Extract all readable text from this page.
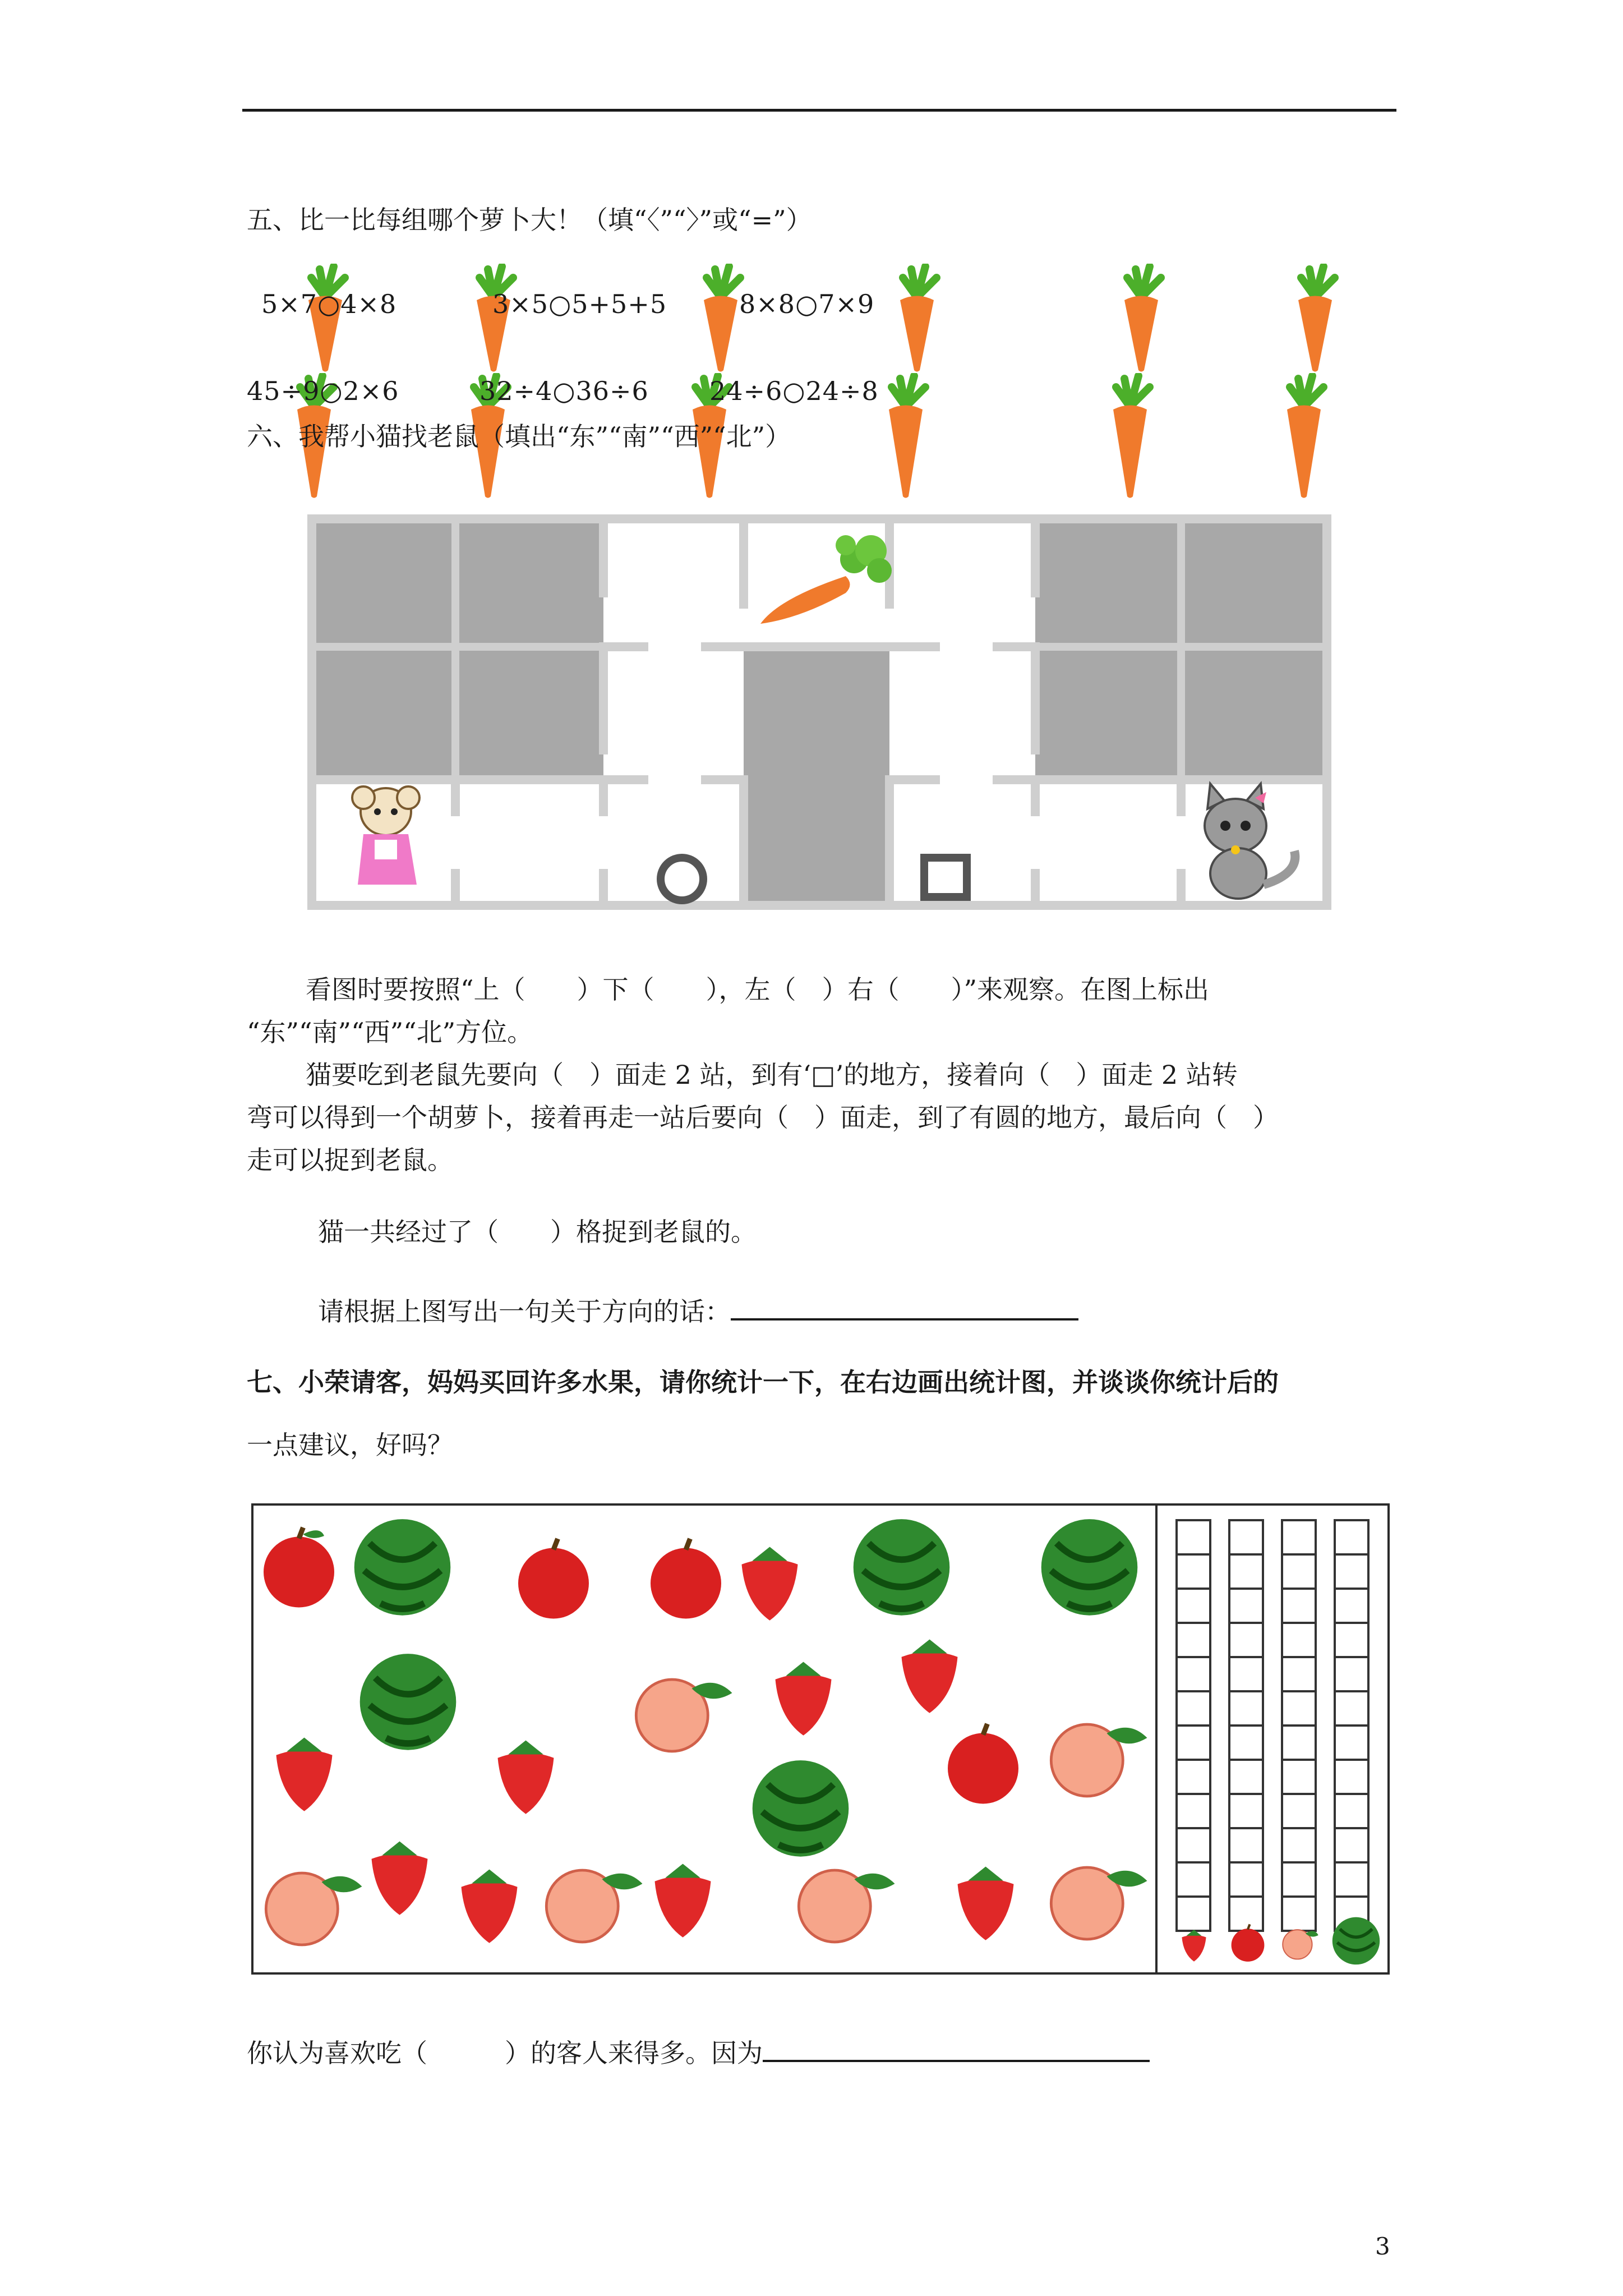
五、比一比每组哪个萝卜大！（填“〈”“〉”或“=”）
5×7○4×8	3×5○5+5+5	8×8○7×9
45÷9○2×6	32÷4○36÷6 24÷6○24÷8
六、我帮小猫找老鼠（填出“东”“南”“西”“北”）
看图时要按照“上（　　）下（　　），左（　）右（　　）”来观察。在图上标出
“东”“南”“西”“北”方位。
猫要吃到老鼠先要向（　）面走 2 站，到有‘□’的地方，接着向（　）面走 2 站转
弯可以得到一个胡萝卜，接着再走一站后要向（　）面走，到了有圆的地方，最后向（　）
走可以捉到老鼠。
猫一共经过了（　　）格捉到老鼠的。
请根据上图写出一句关于方向的话：
七、小荣请客，妈妈买回许多水果，请你统计一下，在右边画出统计图，并谈谈你统计后的
一点建议，好吗？
你认为喜欢吃（　　　）的客人来得多。因为
3
